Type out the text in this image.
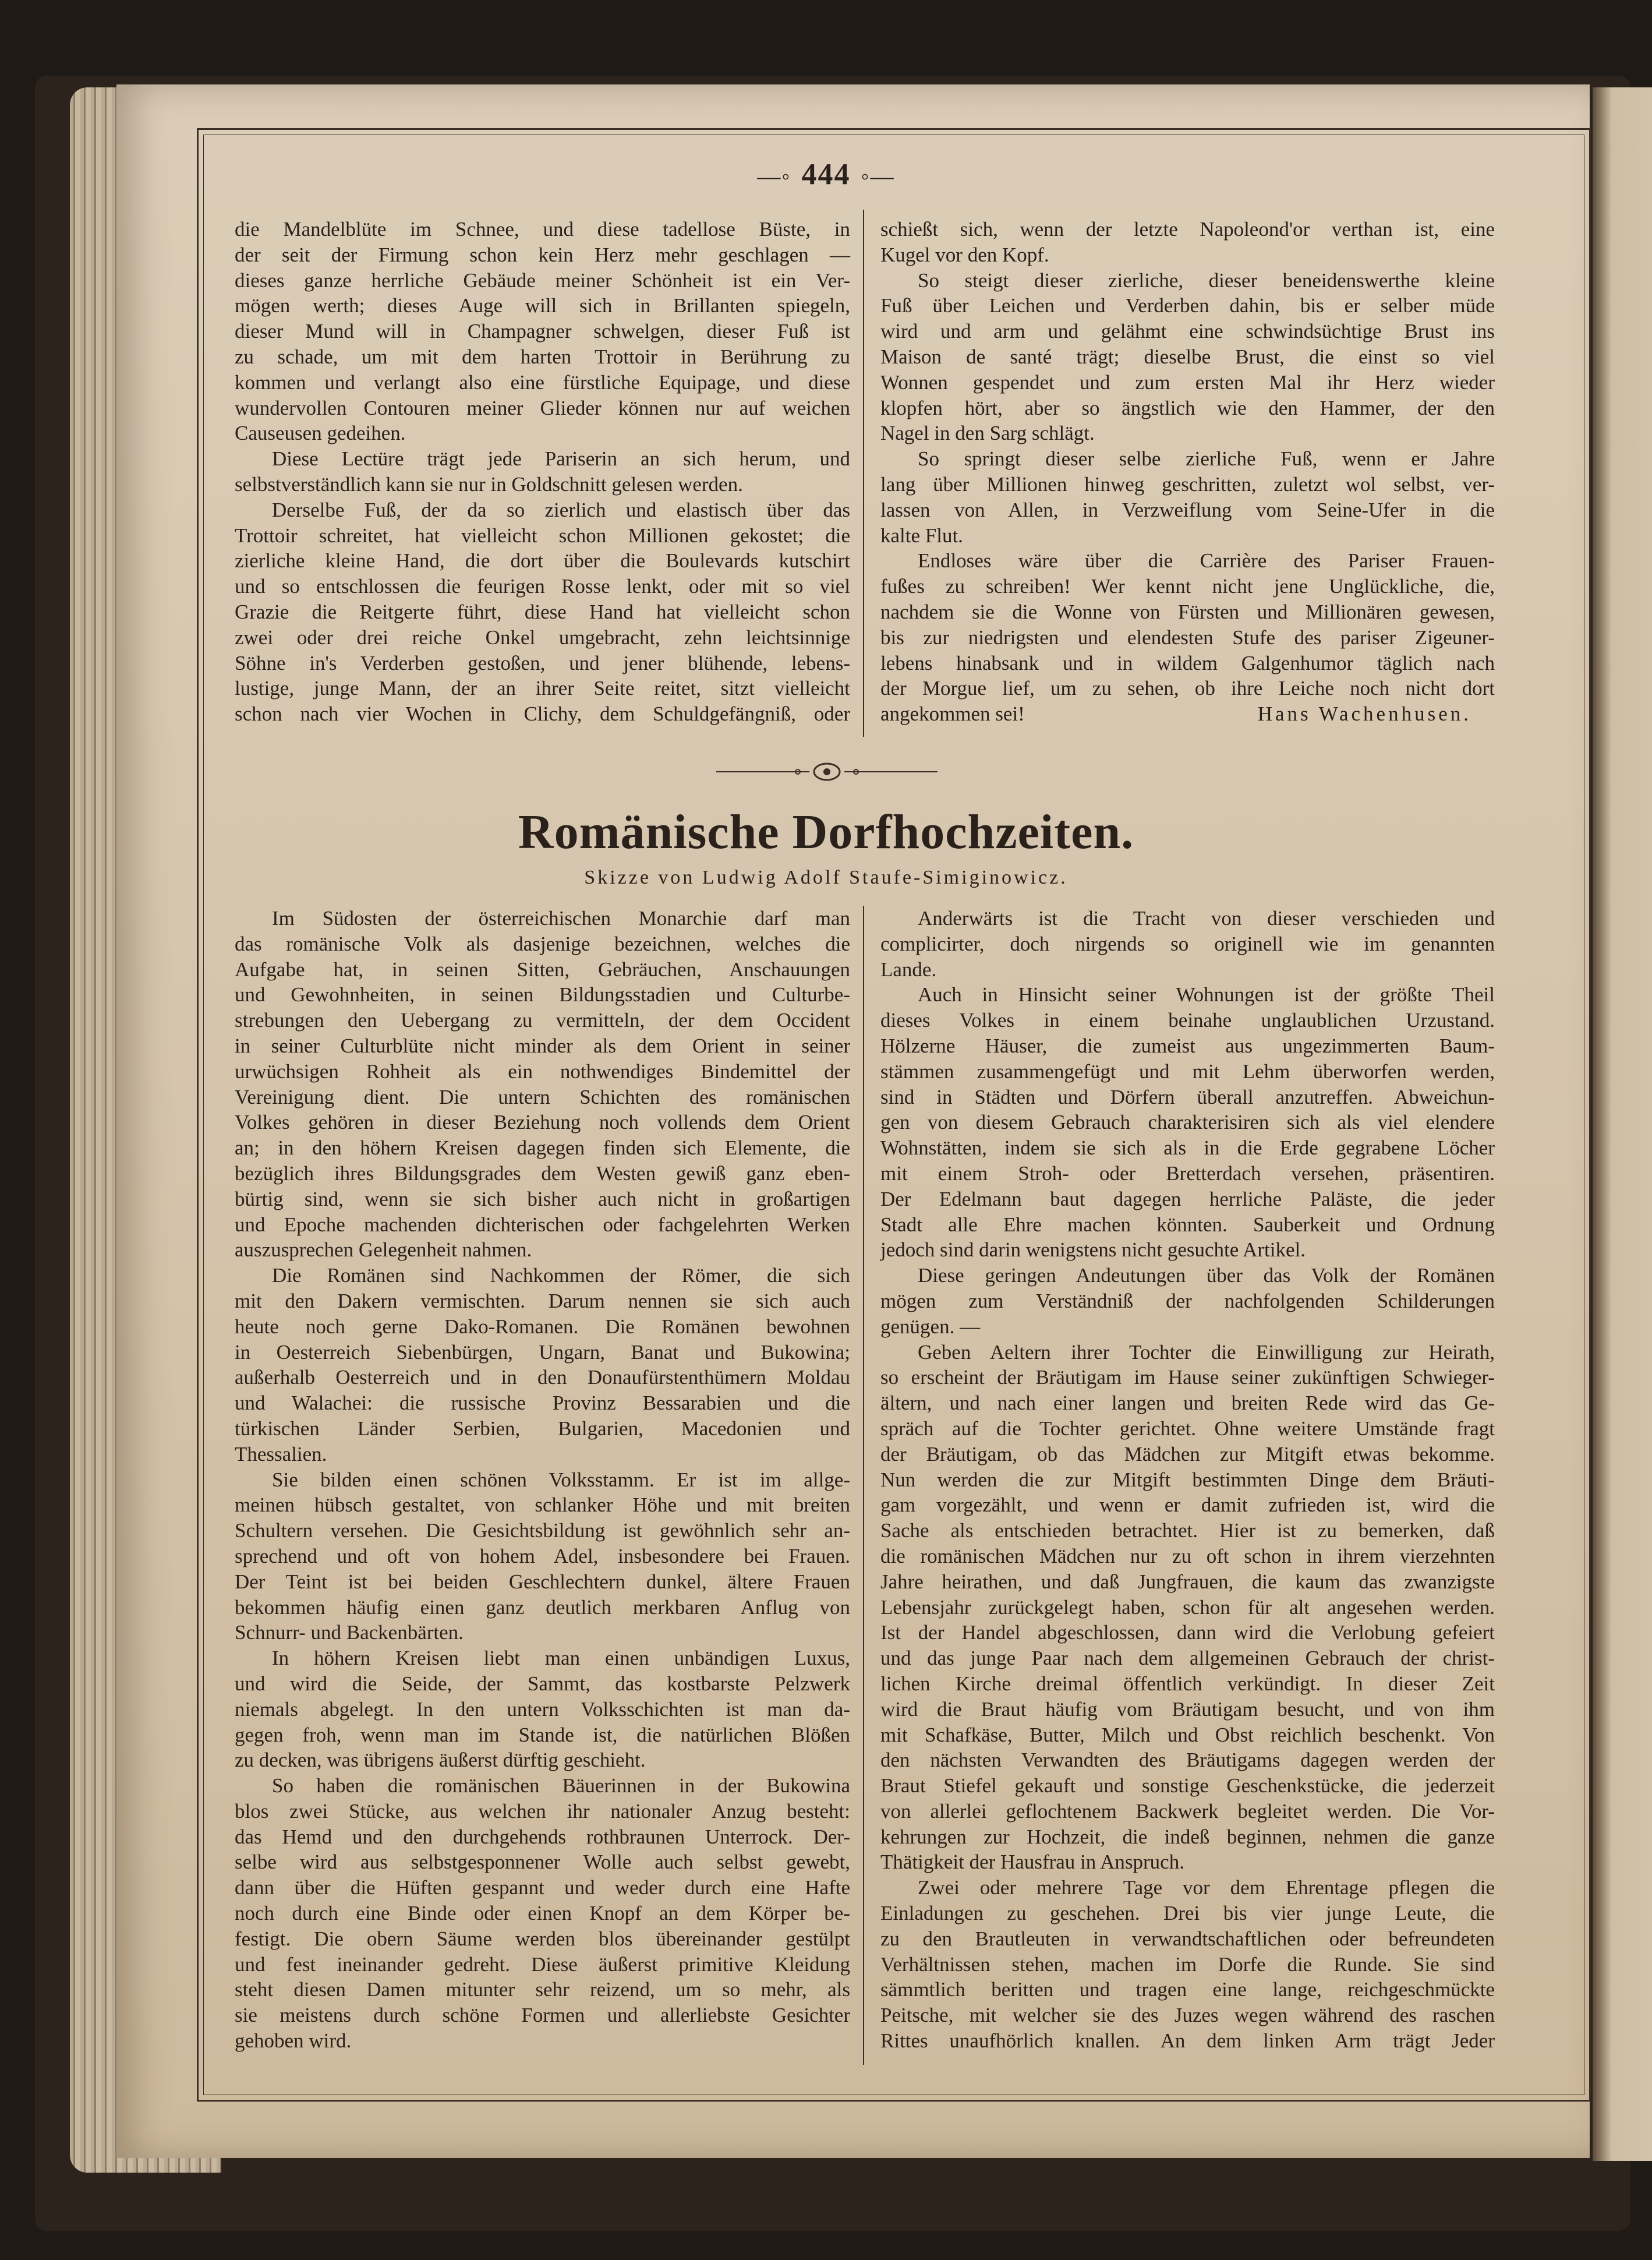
—◦ 444 ◦—
die Mandelblüte im Schnee, und diese tadellose Büste, in
der seit der Firmung schon kein Herz mehr geschlagen —
dieses ganze herrliche Gebäude meiner Schönheit ist ein Ver-
mögen werth; dieses Auge will sich in Brillanten spiegeln,
dieser Mund will in Champagner schwelgen, dieser Fuß ist
zu schade, um mit dem harten Trottoir in Berührung zu
kommen und verlangt also eine fürstliche Equipage, und diese
wundervollen Contouren meiner Glieder können nur auf weichen
Causeusen gedeihen.
Diese Lectüre trägt jede Pariserin an sich herum, und
selbstverständlich kann sie nur in Goldschnitt gelesen werden.
Derselbe Fuß, der da so zierlich und elastisch über das
Trottoir schreitet, hat vielleicht schon Millionen gekostet; die
zierliche kleine Hand, die dort über die Boulevards kutschirt
und so entschlossen die feurigen Rosse lenkt, oder mit so viel
Grazie die Reitgerte führt, diese Hand hat vielleicht schon
zwei oder drei reiche Onkel umgebracht, zehn leichtsinnige
Söhne in's Verderben gestoßen, und jener blühende, lebens-
lustige, junge Mann, der an ihrer Seite reitet, sitzt vielleicht
schon nach vier Wochen in Clichy, dem Schuldgefängniß, oder
schießt sich, wenn der letzte Napoleond'or verthan ist, eine
Kugel vor den Kopf.
So steigt dieser zierliche, dieser beneidenswerthe kleine
Fuß über Leichen und Verderben dahin, bis er selber müde
wird und arm und gelähmt eine schwindsüchtige Brust ins
Maison de santé trägt; dieselbe Brust, die einst so viel
Wonnen gespendet und zum ersten Mal ihr Herz wieder
klopfen hört, aber so ängstlich wie den Hammer, der den
Nagel in den Sarg schlägt.
So springt dieser selbe zierliche Fuß, wenn er Jahre
lang über Millionen hinweg geschritten, zuletzt wol selbst, ver-
lassen von Allen, in Verzweiflung vom Seine-Ufer in die
kalte Flut.
Endloses wäre über die Carrière des Pariser Frauen-
fußes zu schreiben! Wer kennt nicht jene Unglückliche, die,
nachdem sie die Wonne von Fürsten und Millionären gewesen,
bis zur niedrigsten und elendesten Stufe des pariser Zigeuner-
lebens hinabsank und in wildem Galgenhumor täglich nach
der Morgue lief, um zu sehen, ob ihre Leiche noch nicht dort
angekommen sei!	Hans Wachenhusen.
Romänische Dorfhochzeiten.
Skizze von Ludwig Adolf Staufe-Simiginowicz.
Im Südosten der österreichischen Monarchie darf man
das romänische Volk als dasjenige bezeichnen, welches die
Aufgabe hat, in seinen Sitten, Gebräuchen, Anschauungen
und Gewohnheiten, in seinen Bildungsstadien und Culturbe-
strebungen den Uebergang zu vermitteln, der dem Occident
in seiner Culturblüte nicht minder als dem Orient in seiner
urwüchsigen Rohheit als ein nothwendiges Bindemittel der
Vereinigung dient. Die untern Schichten des romänischen
Volkes gehören in dieser Beziehung noch vollends dem Orient
an; in den höhern Kreisen dagegen finden sich Elemente, die
bezüglich ihres Bildungsgrades dem Westen gewiß ganz eben-
bürtig sind, wenn sie sich bisher auch nicht in großartigen
und Epoche machenden dichterischen oder fachgelehrten Werken
auszusprechen Gelegenheit nahmen.
Die Romänen sind Nachkommen der Römer, die sich
mit den Dakern vermischten. Darum nennen sie sich auch
heute noch gerne Dako-Romanen. Die Romänen bewohnen
in Oesterreich Siebenbürgen, Ungarn, Banat und Bukowina;
außerhalb Oesterreich und in den Donaufürstenthümern Moldau
und Walachei: die russische Provinz Bessarabien und die
türkischen Länder Serbien, Bulgarien, Macedonien und
Thessalien.
Sie bilden einen schönen Volksstamm. Er ist im allge-
meinen hübsch gestaltet, von schlanker Höhe und mit breiten
Schultern versehen. Die Gesichtsbildung ist gewöhnlich sehr an-
sprechend und oft von hohem Adel, insbesondere bei Frauen.
Der Teint ist bei beiden Geschlechtern dunkel, ältere Frauen
bekommen häufig einen ganz deutlich merkbaren Anflug von
Schnurr- und Backenbärten.
In höhern Kreisen liebt man einen unbändigen Luxus,
und wird die Seide, der Sammt, das kostbarste Pelzwerk
niemals abgelegt. In den untern Volksschichten ist man da-
gegen froh, wenn man im Stande ist, die natürlichen Blößen
zu decken, was übrigens äußerst dürftig geschieht.
So haben die romänischen Bäuerinnen in der Bukowina
blos zwei Stücke, aus welchen ihr nationaler Anzug besteht:
das Hemd und den durchgehends rothbraunen Unterrock. Der-
selbe wird aus selbstgesponnener Wolle auch selbst gewebt,
dann über die Hüften gespannt und weder durch eine Hafte
noch durch eine Binde oder einen Knopf an dem Körper be-
festigt. Die obern Säume werden blos übereinander gestülpt
und fest ineinander gedreht. Diese äußerst primitive Kleidung
steht diesen Damen mitunter sehr reizend, um so mehr, als
sie meistens durch schöne Formen und allerliebste Gesichter
gehoben wird.
Anderwärts ist die Tracht von dieser verschieden und
complicirter, doch nirgends so originell wie im genannten
Lande.
Auch in Hinsicht seiner Wohnungen ist der größte Theil
dieses Volkes in einem beinahe unglaublichen Urzustand.
Hölzerne Häuser, die zumeist aus ungezimmerten Baum-
stämmen zusammengefügt und mit Lehm überworfen werden,
sind in Städten und Dörfern überall anzutreffen. Abweichun-
gen von diesem Gebrauch charakterisiren sich als viel elendere
Wohnstätten, indem sie sich als in die Erde gegrabene Löcher
mit einem Stroh- oder Bretterdach versehen, präsentiren.
Der Edelmann baut dagegen herrliche Paläste, die jeder
Stadt alle Ehre machen könnten. Sauberkeit und Ordnung
jedoch sind darin wenigstens nicht gesuchte Artikel.
Diese geringen Andeutungen über das Volk der Romänen
mögen zum Verständniß der nachfolgenden Schilderungen
genügen. —
Geben Aeltern ihrer Tochter die Einwilligung zur Heirath,
so erscheint der Bräutigam im Hause seiner zukünftigen Schwieger-
ältern, und nach einer langen und breiten Rede wird das Ge-
spräch auf die Tochter gerichtet. Ohne weitere Umstände fragt
der Bräutigam, ob das Mädchen zur Mitgift etwas bekomme.
Nun werden die zur Mitgift bestimmten Dinge dem Bräuti-
gam vorgezählt, und wenn er damit zufrieden ist, wird die
Sache als entschieden betrachtet. Hier ist zu bemerken, daß
die romänischen Mädchen nur zu oft schon in ihrem vierzehnten
Jahre heirathen, und daß Jungfrauen, die kaum das zwanzigste
Lebensjahr zurückgelegt haben, schon für alt angesehen werden.
Ist der Handel abgeschlossen, dann wird die Verlobung gefeiert
und das junge Paar nach dem allgemeinen Gebrauch der christ-
lichen Kirche dreimal öffentlich verkündigt. In dieser Zeit
wird die Braut häufig vom Bräutigam besucht, und von ihm
mit Schafkäse, Butter, Milch und Obst reichlich beschenkt. Von
den nächsten Verwandten des Bräutigams dagegen werden der
Braut Stiefel gekauft und sonstige Geschenkstücke, die jederzeit
von allerlei geflochtenem Backwerk begleitet werden. Die Vor-
kehrungen zur Hochzeit, die indeß beginnen, nehmen die ganze
Thätigkeit der Hausfrau in Anspruch.
Zwei oder mehrere Tage vor dem Ehrentage pflegen die
Einladungen zu geschehen. Drei bis vier junge Leute, die
zu den Brautleuten in verwandtschaftlichen oder befreundeten
Verhältnissen stehen, machen im Dorfe die Runde. Sie sind
sämmtlich beritten und tragen eine lange, reichgeschmückte
Peitsche, mit welcher sie des Juzes wegen während des raschen
Rittes unaufhörlich knallen. An dem linken Arm trägt Jeder
